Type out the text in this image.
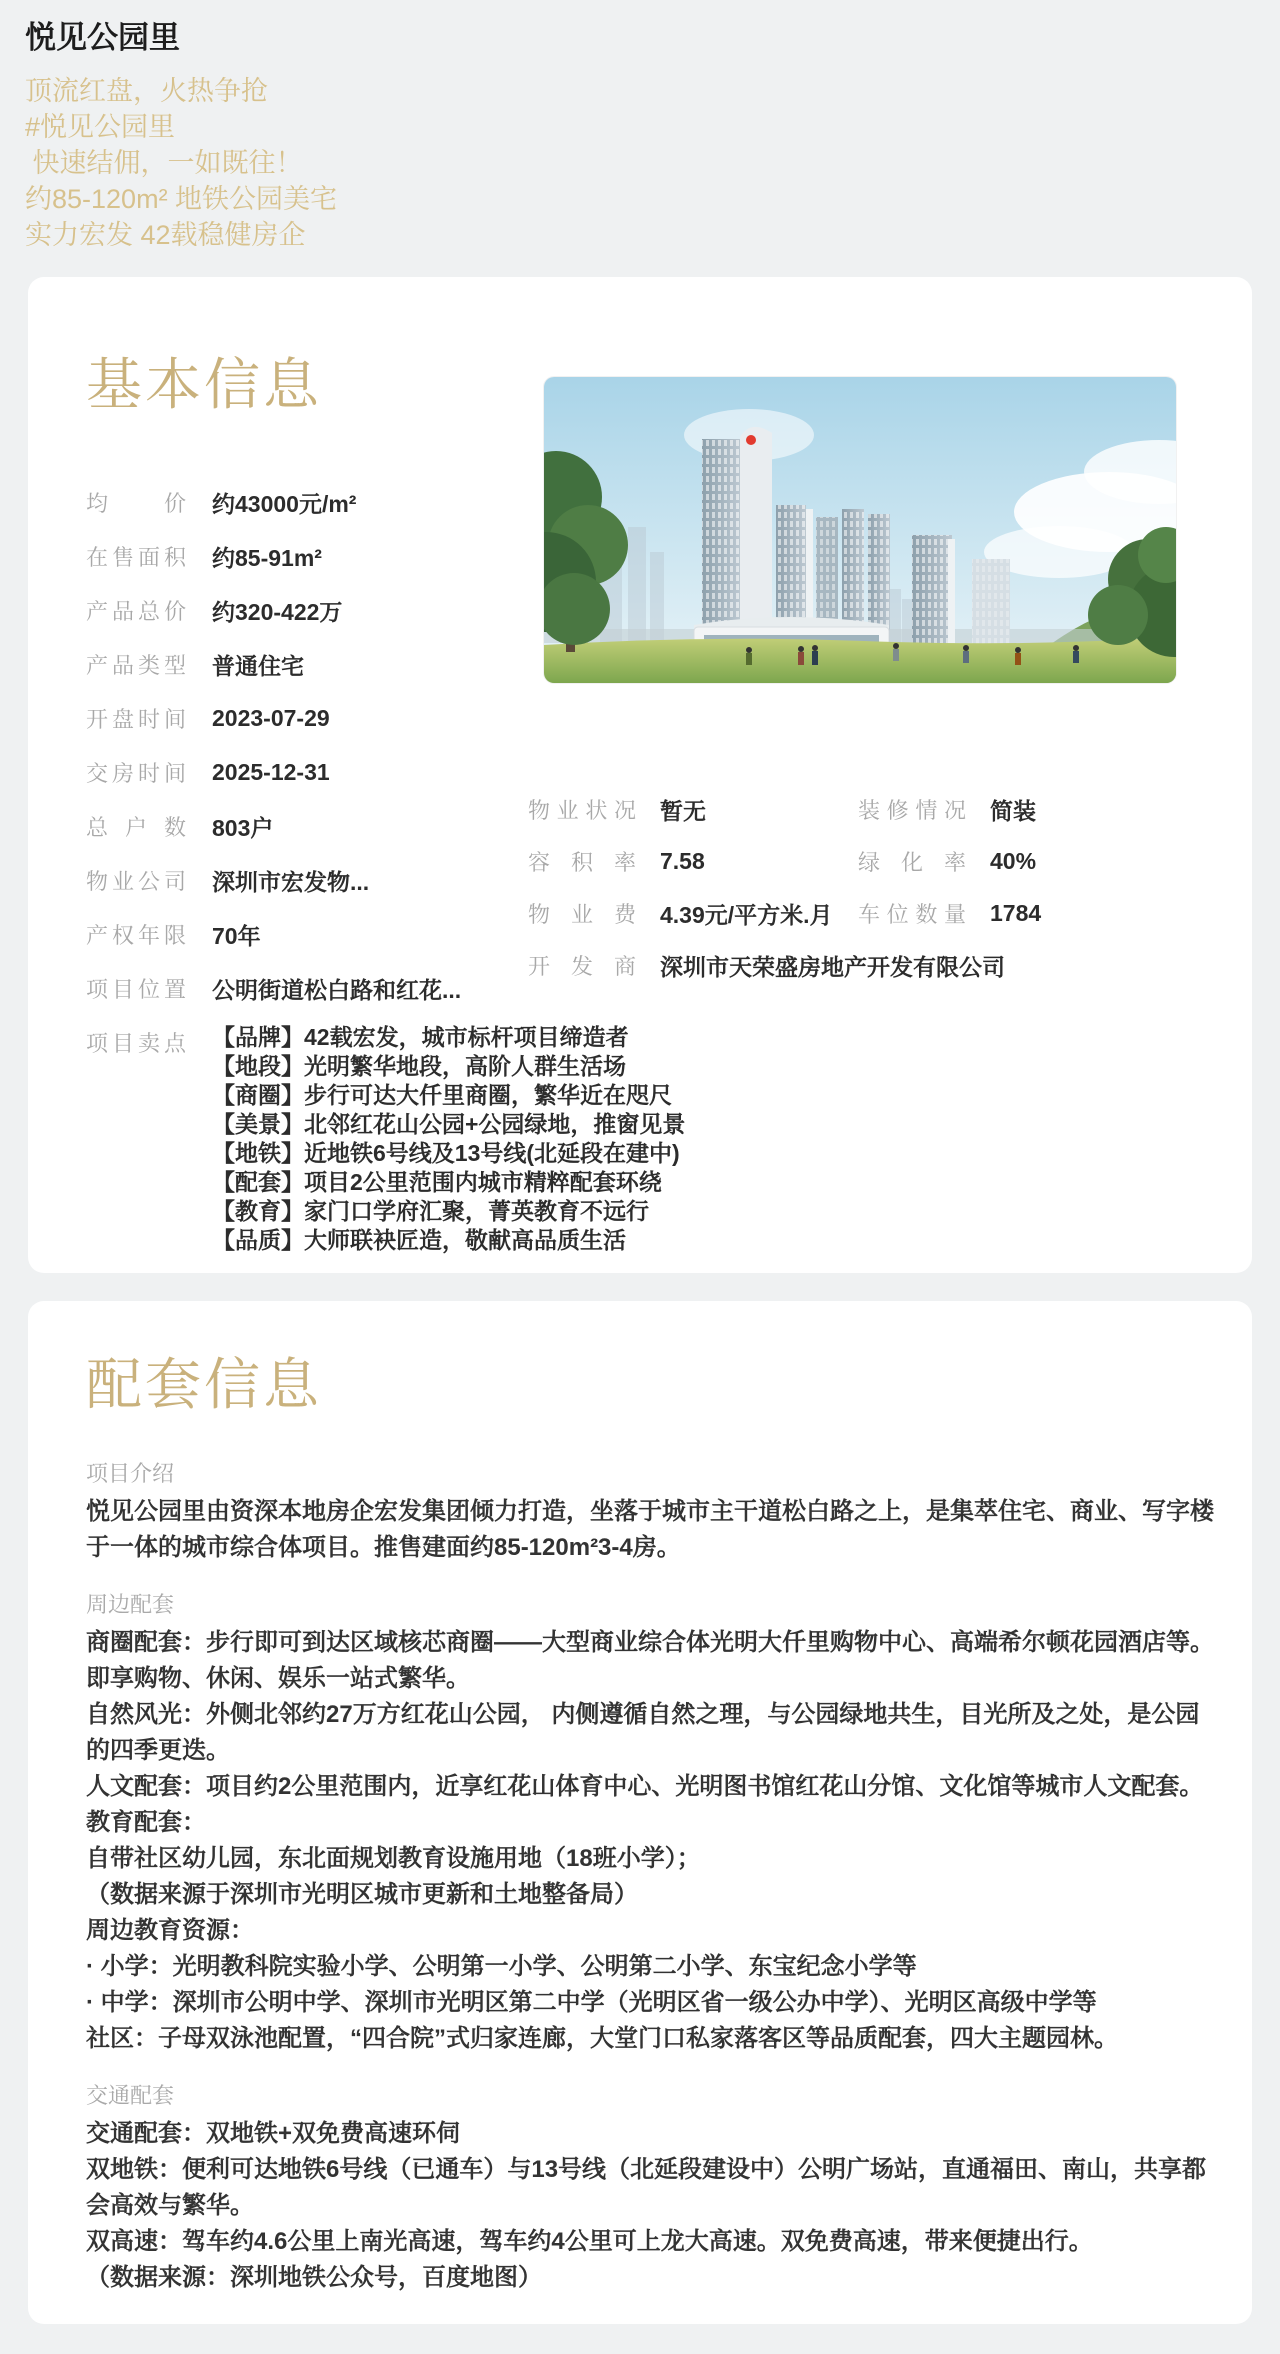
悦见公园里

顶流红盘，火热争抢

#悦见公园里

快速结佣，一如既往！

约85-120m² 地铁公园美宅

实力宏发 42载稳健房企

基本信息
均价 约43000元/m²
在售面积 约85-91m²
产品总价 约320-422万
产品类型 普通住宅
开盘时间 2023-07-29
交房时间 2025-12-31
总户数 803户
物业公司 深圳市宏发物...
产权年限 70年
项目位置 公明街道松白路和红花...
项目卖点 【品牌】42载宏发，城市标杆项目缔造者

【地段】光明繁华地段，高阶人群生活场

【商圈】步行可达大仟里商圈，繁华近在咫尺

【美景】北邻红花山公园+公园绿地，推窗见景

【地铁】近地铁6号线及13号线(北延段在建中)

【配套】项目2公里范围内城市精粹配套环绕

【教育】家门口学府汇聚，菁英教育不远行

【品质】大师联袂匠造，敬献高品质生活

物业状况 暂无	装修情况 简装
容积率 7.58	绿化率 40%
物业费 4.39元/平方米.月 车位数量 1784
开发商 深圳市天荣盛房地产开发有限公司
配套信息
项目介绍

悦见公园里由资深本地房企宏发集团倾力打造，坐落于城市主干道松白路之上，是集萃住宅、商业、写字楼于一体的城市综合体项目。推售建面约85-120m²3-4房。

周边配套

商圈配套：步行即可到达区域核芯商圈——大型商业综合体光明大仟里购物中心、高端希尔顿花园酒店等。即享购物、休闲、娱乐一站式繁华。

自然风光：外侧北邻约27万方红花山公园， 内侧遵循自然之理，与公园绿地共生，目光所及之处，是公园的四季更迭。

人文配套：项目约2公里范围内，近享红花山体育中心、光明图书馆红花山分馆、文化馆等城市人文配套。

教育配套：

自带社区幼儿园，东北面规划教育设施用地（18班小学）；

（数据来源于深圳市光明区城市更新和土地整备局）

周边教育资源：

· 小学：光明教科院实验小学、公明第一小学、公明第二小学、东宝纪念小学等

· 中学：深圳市公明中学、深圳市光明区第二中学（光明区省一级公办中学）、光明区高级中学等

社区：子母双泳池配置，“四合院”式归家连廊，大堂门口私家落客区等品质配套，四大主题园林。

交通配套

交通配套：双地铁+双免费高速环伺

双地铁：便利可达地铁6号线（已通车）与13号线（北延段建设中）公明广场站，直通福田、南山，共享都会高效与繁华。

双高速：驾车约4.6公里上南光高速，驾车约4公里可上龙大高速。双免费高速，带来便捷出行。

（数据来源：深圳地铁公众号，百度地图）
